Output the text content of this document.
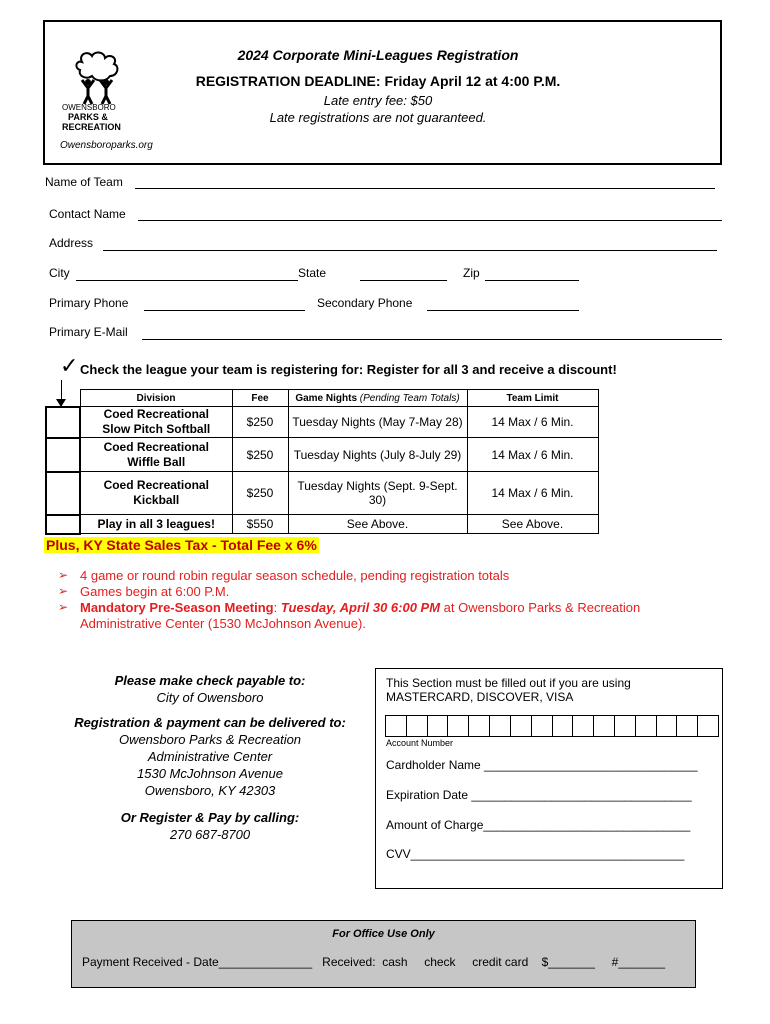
OWENSBORO
PARKS &
RECREATION
Owensboroparks.org
2024 Corporate Mini-Leagues Registration
REGISTRATION DEADLINE: Friday April 12 at 4:00 P.M.
Late entry fee: $50
Late registrations are not guaranteed.
Name of Team
Contact Name
Address
City	State	Zip
Primary Phone	Secondary Phone
Primary E-Mail
✓ Check the league your team is registering for: Register for all 3 and receive a discount!
	Division	Fee	Game Nights (Pending Team Totals)	Team Limit

	Coed Recreational
Slow Pitch Softball	$250	Tuesday Nights (May 7-May 28)	14 Max / 6 Min.

	Coed Recreational
Wiffle Ball	$250	Tuesday Nights (July 8-July 29)	14 Max / 6 Min.

	Coed Recreational
Kickball	$250	Tuesday Nights (Sept. 9-Sept. 30)	14 Max / 6 Min.
	Play in all 3 leagues!	$550	See Above.	See Above.
Plus, KY State Sales Tax - Total Fee x 6%
➢ 4 game or round robin regular season schedule, pending registration totals
➢ Games begin at 6:00 P.M.
➢ Mandatory Pre-Season Meeting: Tuesday, April 30 6:00 PM at Owensboro Parks & Recreation
Administrative Center (1530 McJohnson Avenue).
Please make check payable to:
City of Owensboro
Registration & payment can be delivered to:
Owensboro Parks & Recreation
Administrative Center
1530 McJohnson Avenue
Owensboro, KY 42303
Or Register & Pay by calling:
270 687-8700
This Section must be filled out if you are using
MASTERCARD, DISCOVER, VISA
Account Number
Cardholder Name ________________________________
Expiration Date _________________________________
Amount of Charge_______________________________
CVV_________________________________________
For Office Use Only
Payment Received - Date______________   Received:  cash     check     credit card    $_______     #_______
